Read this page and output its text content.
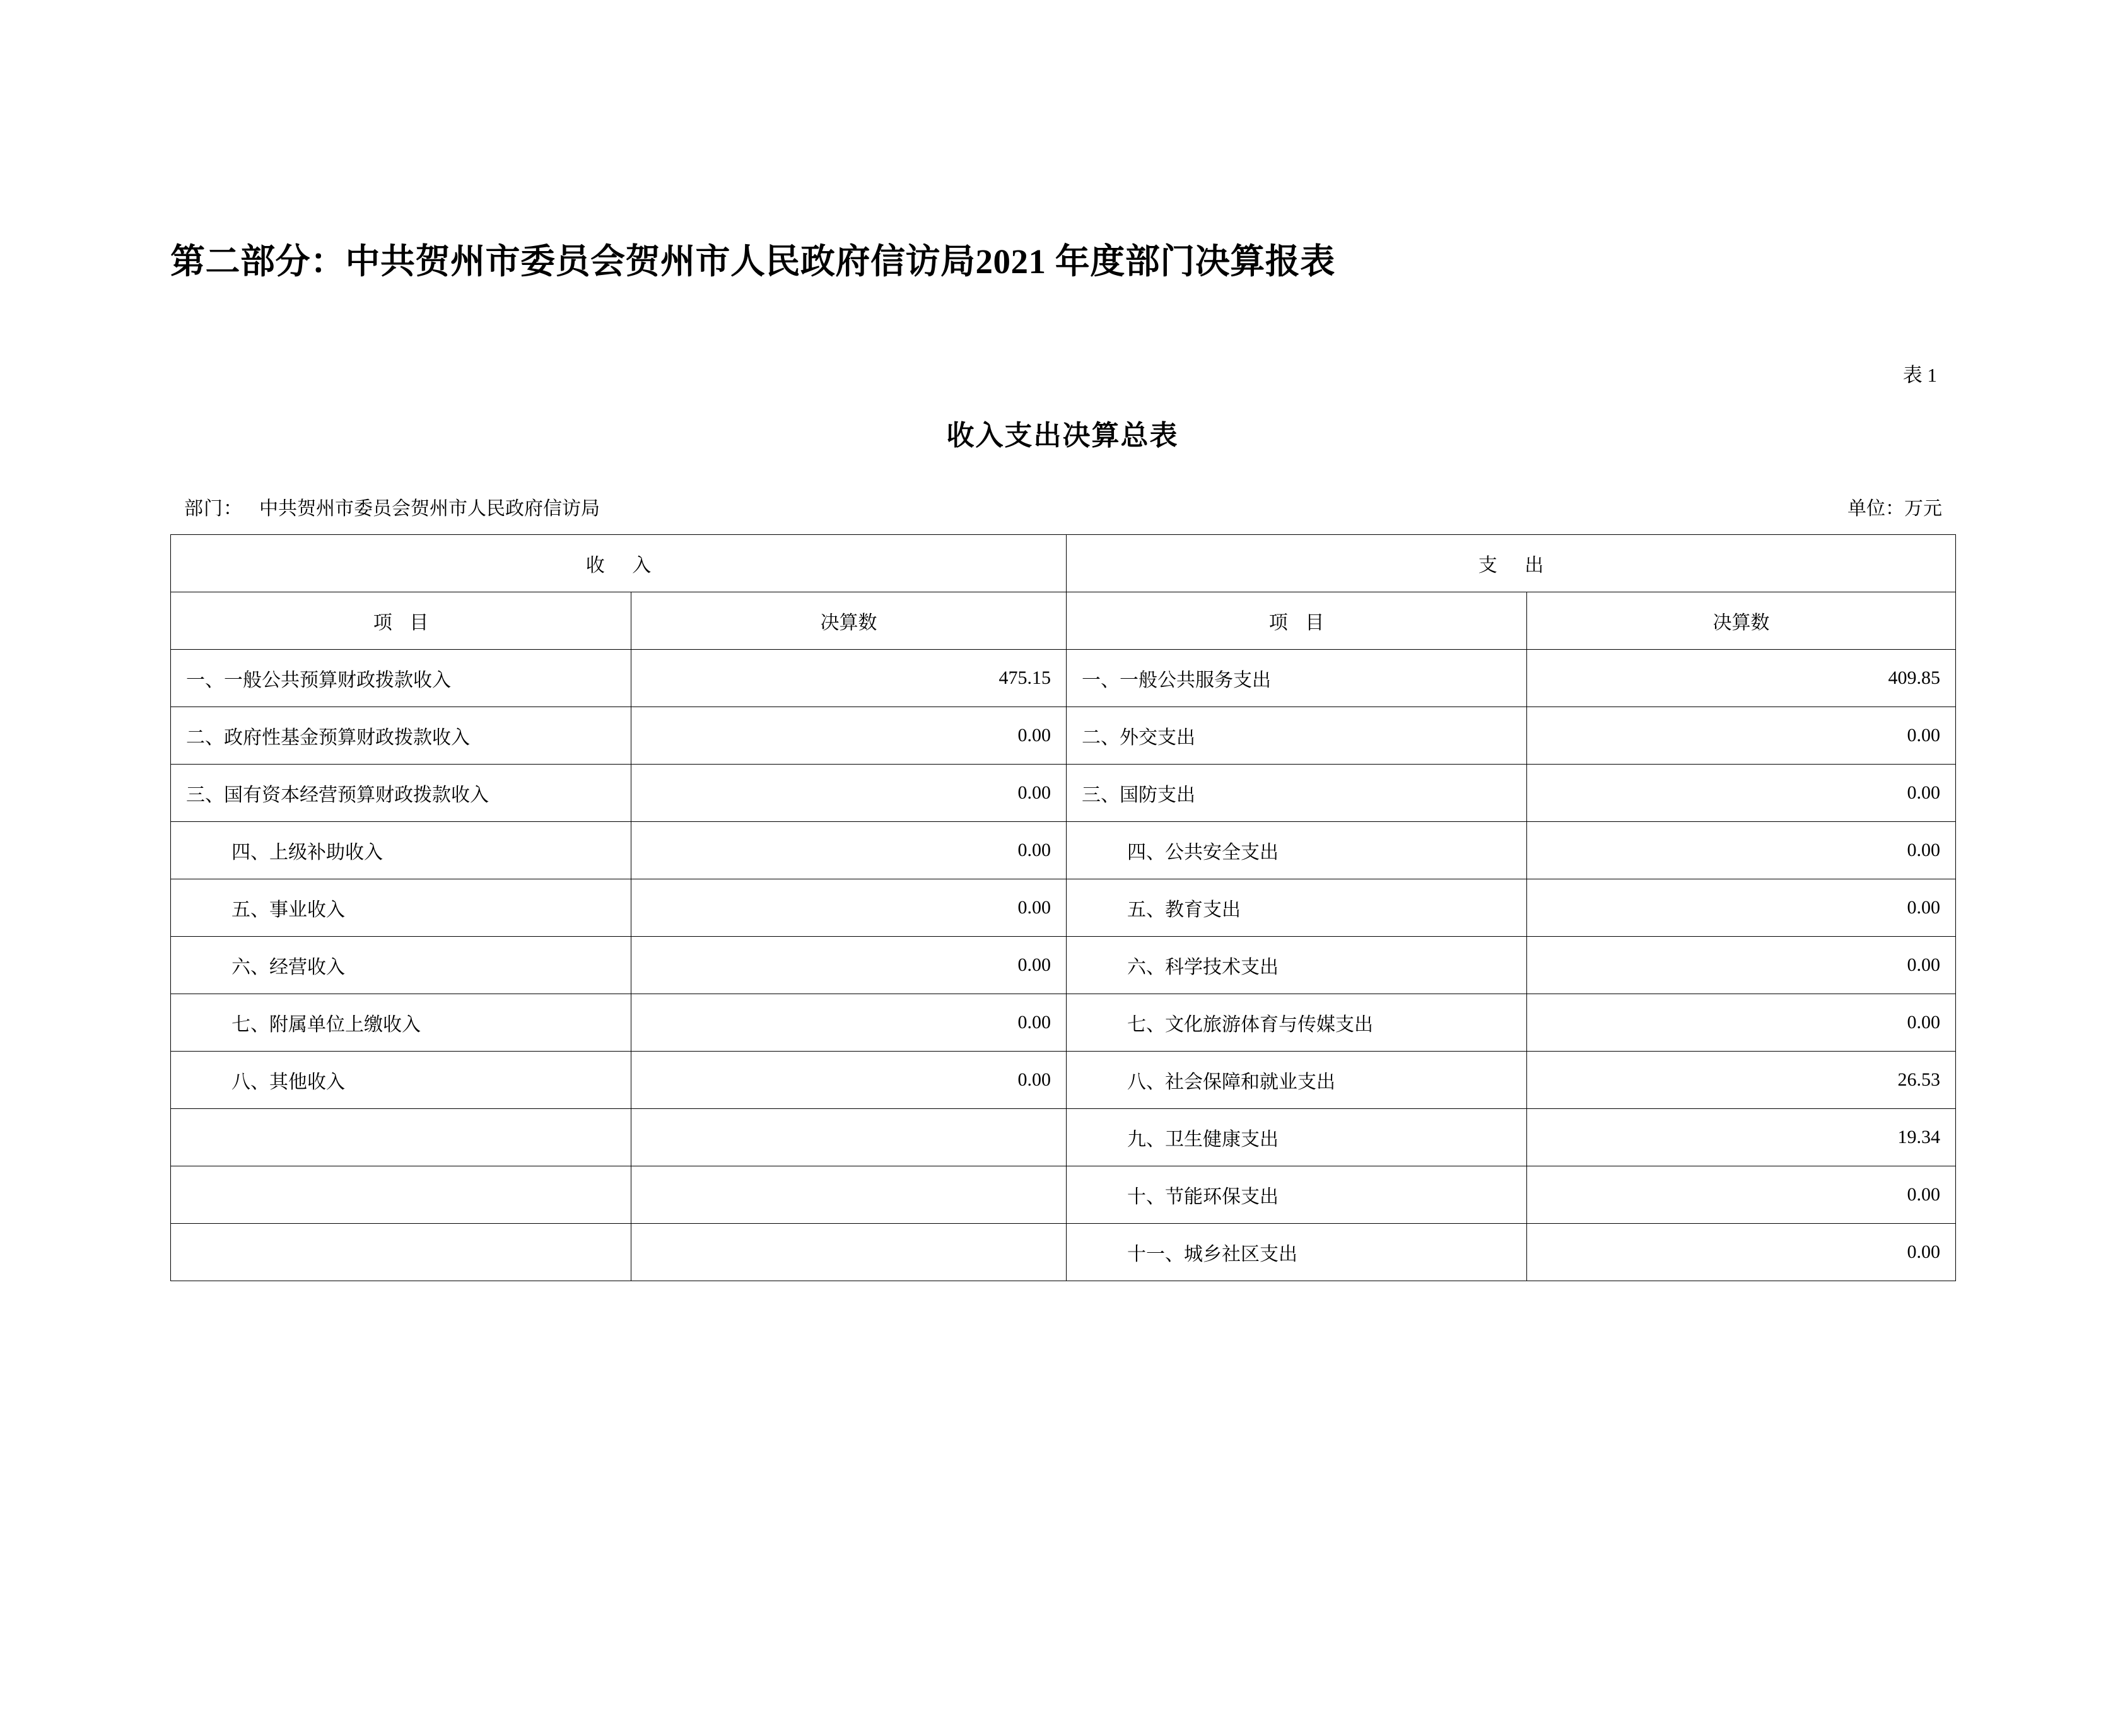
第二部分：中共贺州市委员会贺州市人民政府信访局2021 年度部门决算报表
表 1
收入支出决算总表
部门： 中共贺州市委员会贺州市人民政府信访局	单位：万元
收 入		支 出	
项 目	决算数	项 目	决算数
一、一般公共预算财政拨款收入	475.15	一、一般公共服务支出	409.85
二、政府性基金预算财政拨款收入	0.00	二、外交支出	0.00
三、国有资本经营预算财政拨款收入	0.00	三、国防支出	0.00
四、上级补助收入	0.00	四、公共安全支出	0.00
五、事业收入	0.00	五、教育支出	0.00
六、经营收入	0.00	六、科学技术支出	0.00
七、附属单位上缴收入	0.00	七、文化旅游体育与传媒支出	0.00
八、其他收入	0.00	八、社会保障和就业支出	26.53
		九、卫生健康支出	19.34
		十、节能环保支出	0.00
		十一、城乡社区支出	0.00
